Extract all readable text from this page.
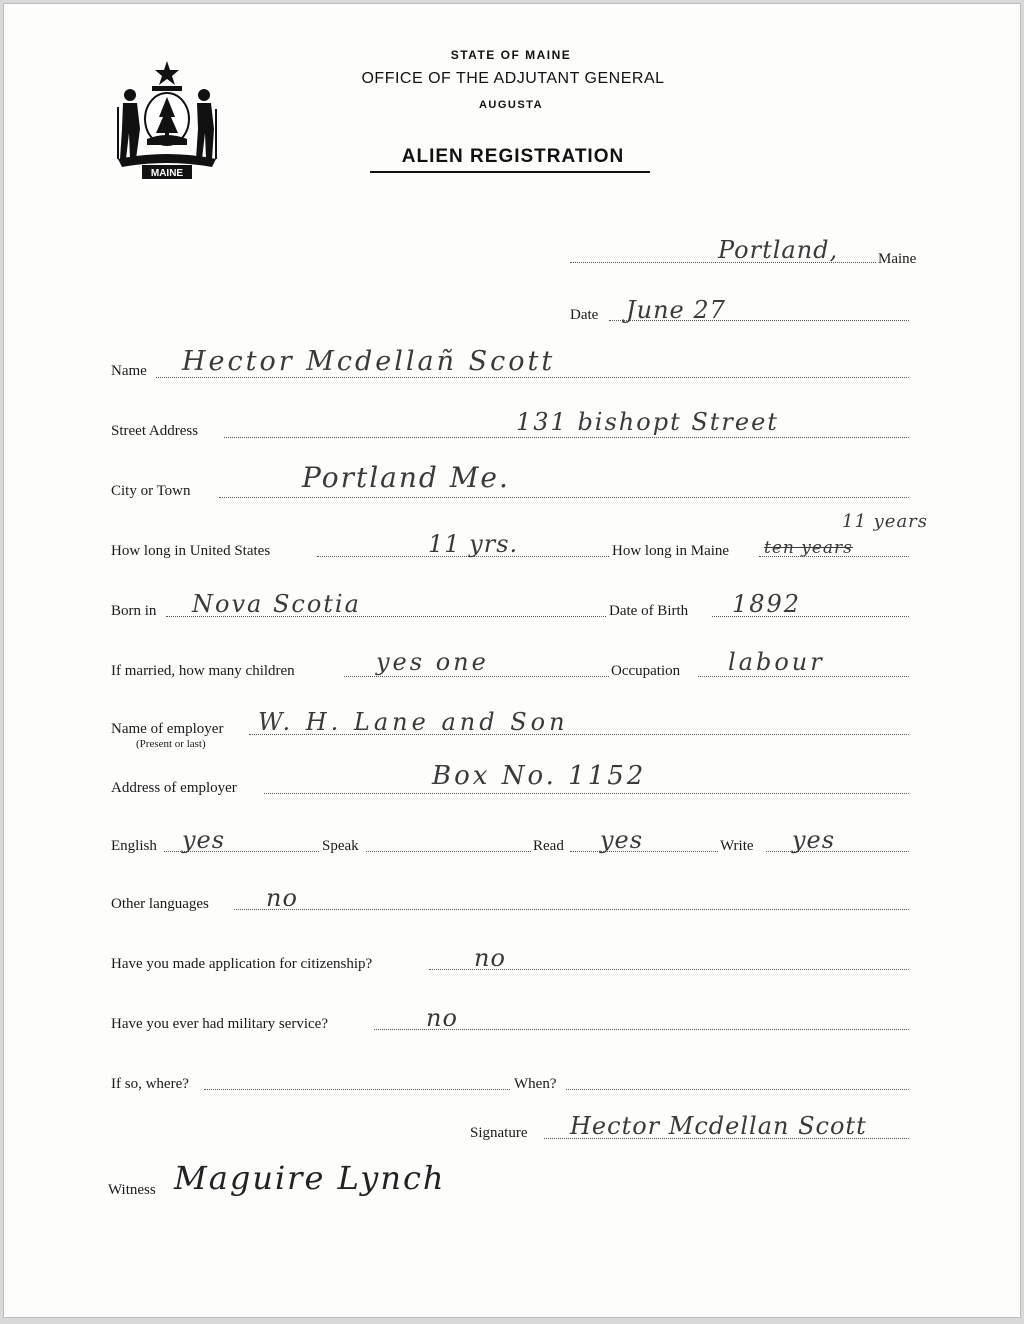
MAINE
STATE OF MAINE
OFFICE OF THE ADJUTANT GENERAL
AUGUSTA
ALIEN REGISTRATION
Portland,	Maine
Date June 27
Name Hector Mcdellañ Scott
Street Address	131 bishopt Street
City or Town	Portland Me.
How long in United States	11 yrs.	How long in Maine ten years
11 years
Born in Nova Scotia	Date of Birth 1892
If married, how many children	yes one	Occupation labour
Name of employer
(Present or last)
W. H. Lane and Son
Address of employer	Box No. 1152
English yes	Speak	Read yes	Write yes
Other languages no
Have you made application for citizenship?	no
Have you ever had military service?	no
If so, where?	When?
Signature Hector Mcdellan Scott
Witness Maguire Lynch
